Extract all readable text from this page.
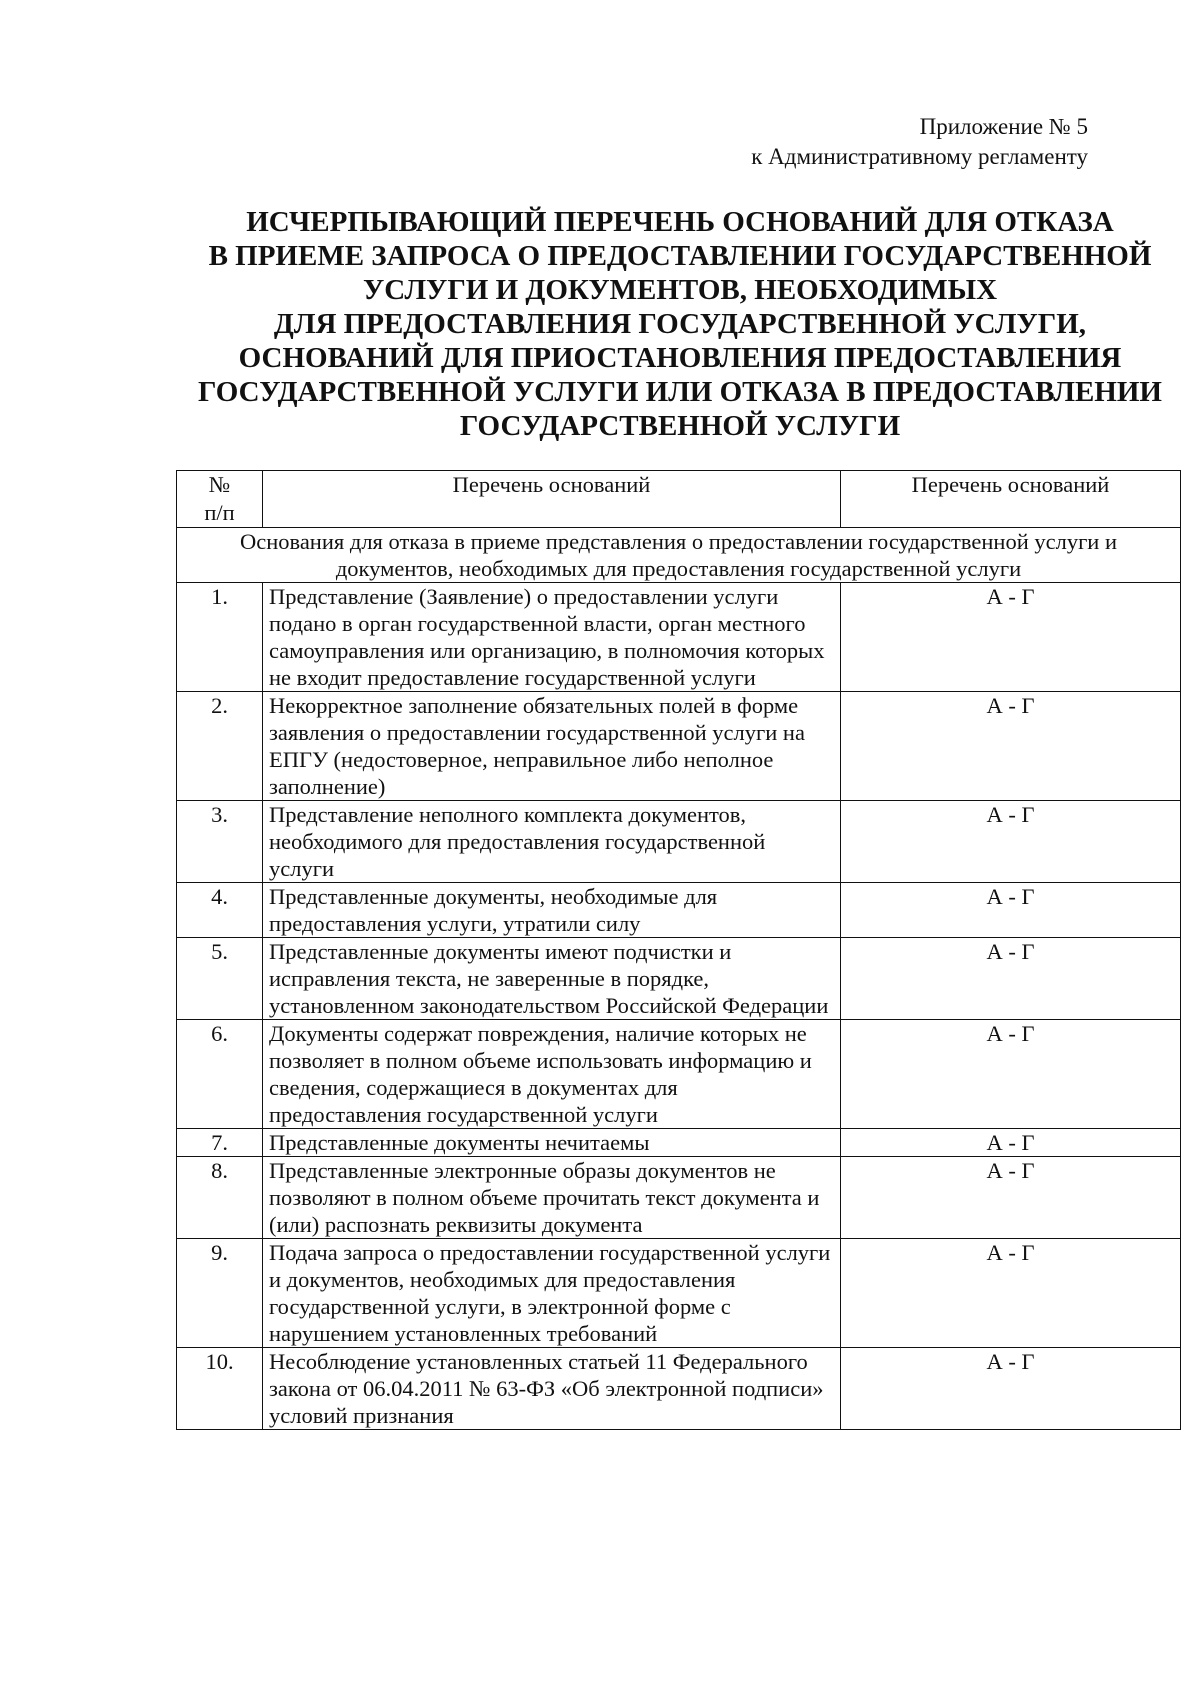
Приложение № 5
к Административному регламенту
ИСЧЕРПЫВАЮЩИЙ ПЕРЕЧЕНЬ ОСНОВАНИЙ ДЛЯ ОТКАЗА
В ПРИЕМЕ ЗАПРОСА О ПРЕДОСТАВЛЕНИИ ГОСУДАРСТВЕННОЙ
УСЛУГИ И ДОКУМЕНТОВ, НЕОБХОДИМЫХ
ДЛЯ ПРЕДОСТАВЛЕНИЯ ГОСУДАРСТВЕННОЙ УСЛУГИ,
ОСНОВАНИЙ ДЛЯ ПРИОСТАНОВЛЕНИЯ ПРЕДОСТАВЛЕНИЯ
ГОСУДАРСТВЕННОЙ УСЛУГИ ИЛИ ОТКАЗА В ПРЕДОСТАВЛЕНИИ
ГОСУДАРСТВЕННОЙ УСЛУГИ
№
п/п	Перечень оснований	Перечень оснований
Основания для отказа в приеме представления о предоставлении государственной услуги и документов, необходимых для предоставления государственной услуги		
1.	Представление (Заявление) о предоставлении услуги подано в орган государственной власти, орган местного самоуправления или организацию, в полномочия которых не входит предоставление государственной услуги	А - Г
2.	Некорректное заполнение обязательных полей в форме заявления о предоставлении государственной услуги на ЕПГУ (недостоверное, неправильное либо неполное заполнение)	А - Г
3.	Представление неполного комплекта документов, необходимого для предоставления государственной услуги	А - Г
4.	Представленные документы, необходимые для предоставления услуги, утратили силу	А - Г
5.	Представленные документы имеют подчистки и исправления текста, не заверенные в порядке, установленном законодательством Российской Федерации	А - Г
6.	Документы содержат повреждения, наличие которых не позволяет в полном объеме использовать информацию и сведения, содержащиеся в документах для предоставления государственной услуги	А - Г
7.	Представленные документы нечитаемы	А - Г
8.	Представленные электронные образы документов не позволяют в полном объеме прочитать текст документа и (или) распознать реквизиты документа	А - Г
9.	Подача запроса о предоставлении государственной услуги и документов, необходимых для предоставления государственной услуги, в электронной форме с нарушением установленных требований	А - Г
10.	Несоблюдение установленных статьей 11 Федерального закона от 06.04.2011 № 63-ФЗ «Об электронной подписи» условий признания	А - Г
